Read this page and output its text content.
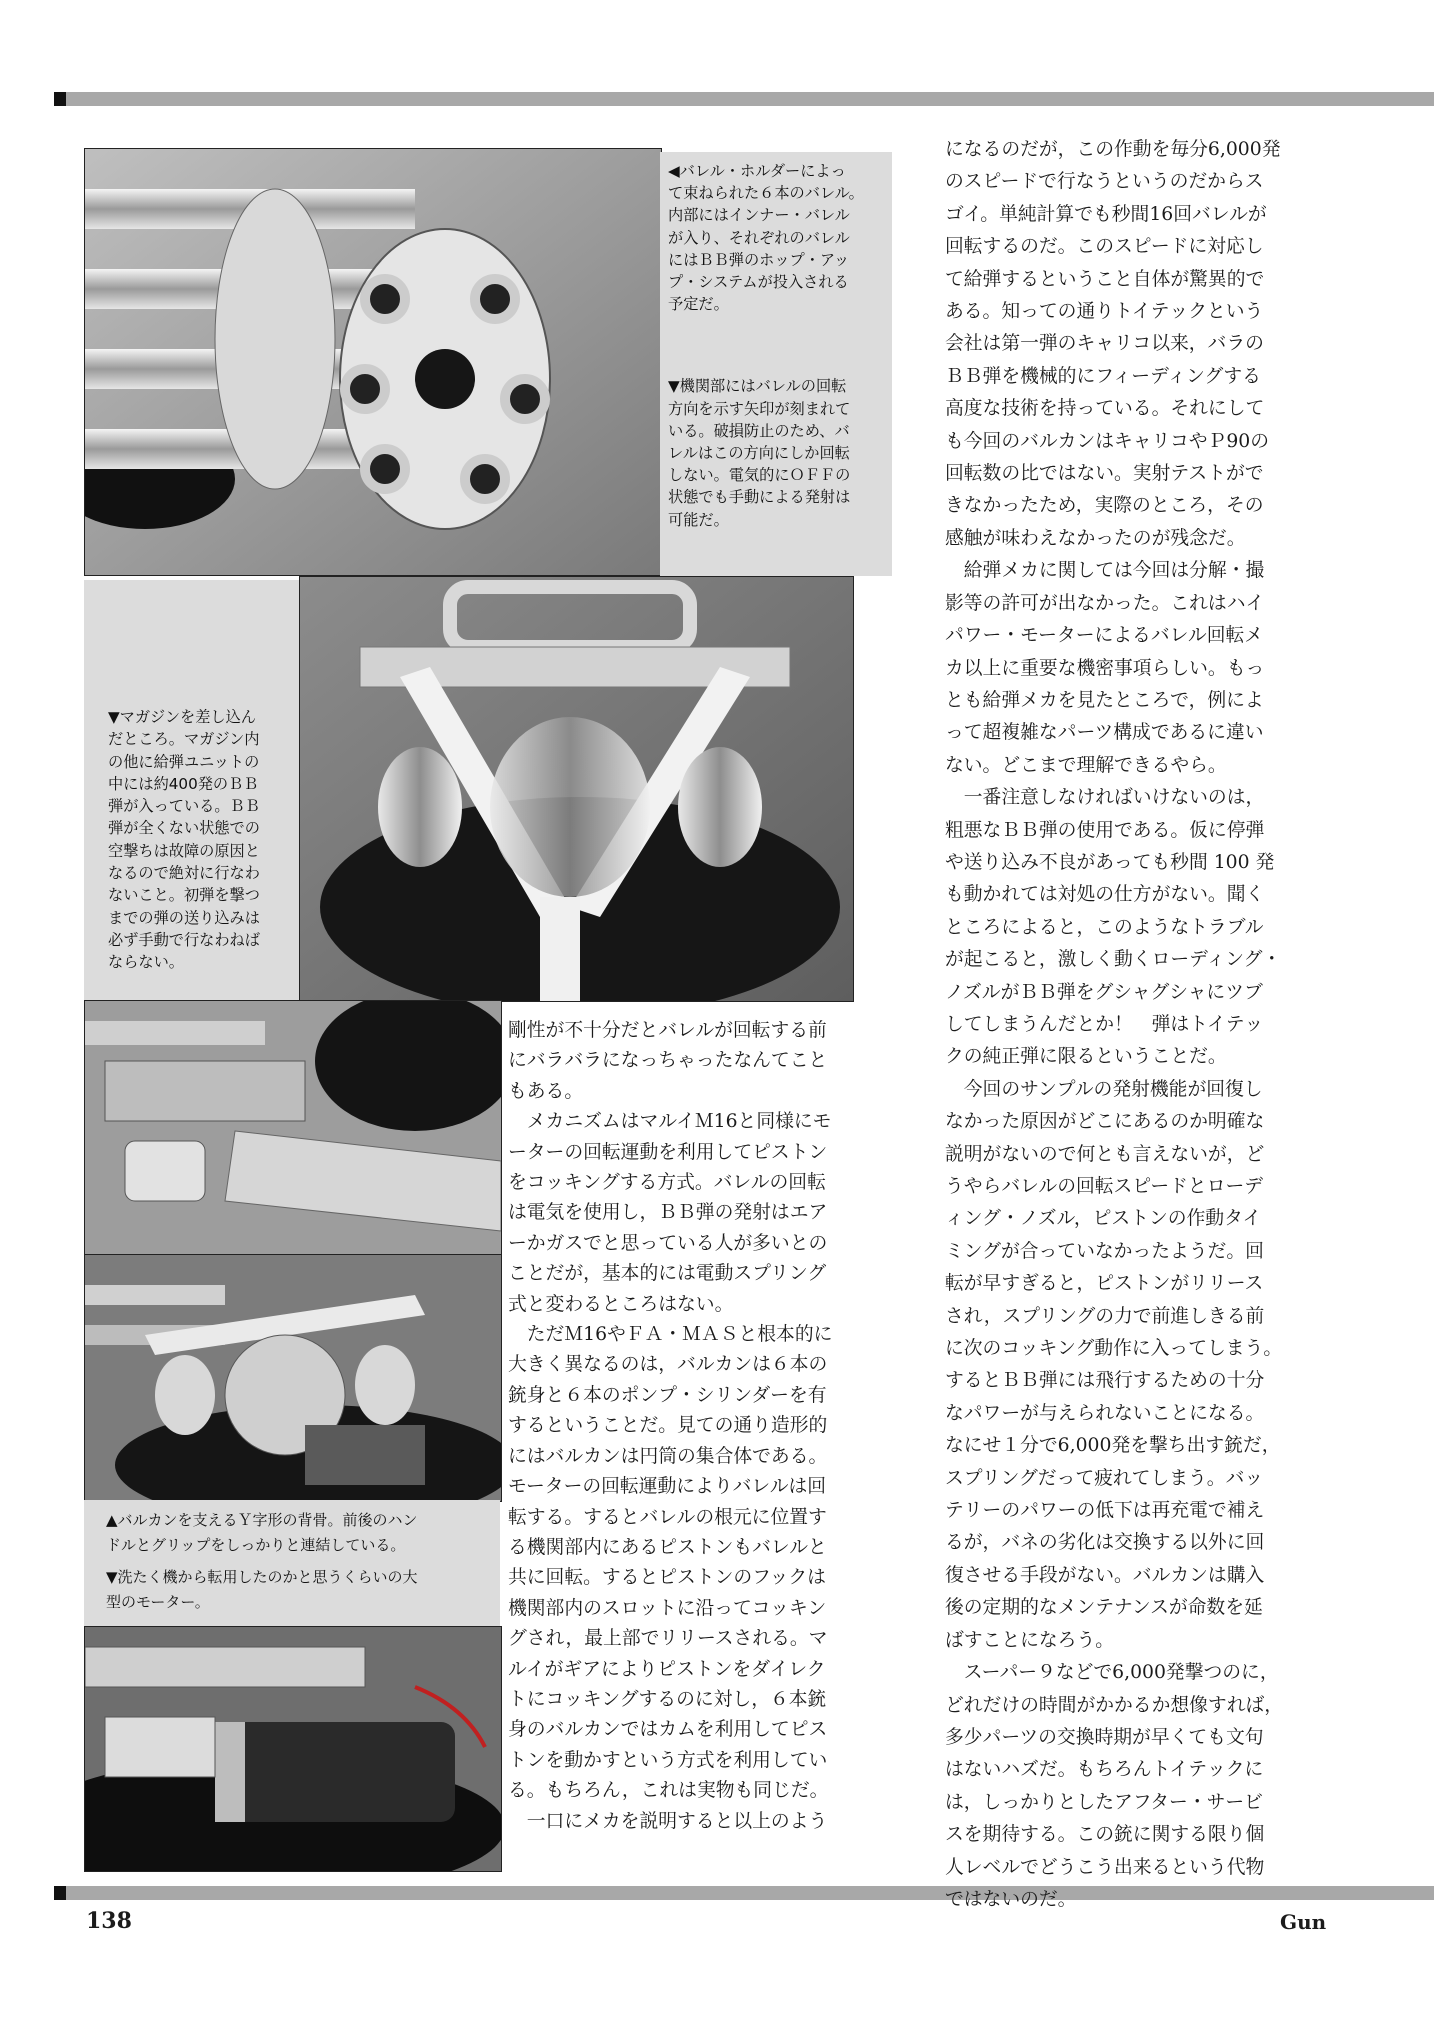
◀バレル・ホルダーによっ
て束ねられた６本のバレル。
内部にはインナー・バレル
が入り、それぞれのバレル
にはＢＢ弾のホップ・アッ
プ・システムが投入される
予定だ。
▼機関部にはバレルの回転
方向を示す矢印が刻まれて
いる。破損防止のため、バ
レルはこの方向にしか回転
しない。電気的にＯＦＦの
状態でも手動による発射は
可能だ。
▼マガジンを差し込ん
だところ。マガジン内
の他に給弾ユニットの
中には約400発のＢＢ
弾が入っている。ＢＢ
弾が全くない状態での
空撃ちは故障の原因と
なるので絶対に行なわ
ないこと。初弾を撃つ
までの弾の送り込みは
必ず手動で行なわねば
ならない。
▲バルカンを支えるＹ字形の背骨。前後のハン
ドルとグリップをしっかりと連結している。
▼洗たく機から転用したのかと思うくらいの大
型のモーター。
剛性が不十分だとバレルが回転する前
にバラバラになっちゃったなんてこと
もある。
　メカニズムはマルイＭ16と同様にモ
ーターの回転運動を利用してピストン
をコッキングする方式。バレルの回転
は電気を使用し，ＢＢ弾の発射はエア
ーかガスでと思っている人が多いとの
ことだが，基本的には電動スプリング
式と変わるところはない。
　ただＭ16やＦＡ・ＭＡＳと根本的に
大きく異なるのは，バルカンは６本の
銃身と６本のポンプ・シリンダーを有
するということだ。見ての通り造形的
にはバルカンは円筒の集合体である。
モーターの回転運動によりバレルは回
転する。するとバレルの根元に位置す
る機関部内にあるピストンもバレルと
共に回転。するとピストンのフックは
機関部内のスロットに沿ってコッキン
グされ，最上部でリリースされる。マ
ルイがギアによりピストンをダイレク
トにコッキングするのに対し，６本銃
身のバルカンではカムを利用してピス
トンを動かすという方式を利用してい
る。もちろん，これは実物も同じだ。
　一口にメカを説明すると以上のよう
になるのだが，この作動を毎分6,000発
のスピードで行なうというのだからス
ゴイ。単純計算でも秒間16回バレルが
回転するのだ。このスピードに対応し
て給弾するということ自体が驚異的で
ある。知っての通りトイテックという
会社は第一弾のキャリコ以来，バラの
ＢＢ弾を機械的にフィーディングする
高度な技術を持っている。それにして
も今回のバルカンはキャリコやＰ90の
回転数の比ではない。実射テストがで
きなかったため，実際のところ，その
感触が味わえなかったのが残念だ。
　給弾メカに関しては今回は分解・撮
影等の許可が出なかった。これはハイ
パワー・モーターによるバレル回転メ
カ以上に重要な機密事項らしい。もっ
とも給弾メカを見たところで，例によ
って超複雑なパーツ構成であるに違い
ない。どこまで理解できるやら。
　一番注意しなければいけないのは，
粗悪なＢＢ弾の使用である。仮に停弾
や送り込み不良があっても秒間 100 発
も動かれては対処の仕方がない。聞く
ところによると，このようなトラブル
が起こると，激しく動くローディング・
ノズルがＢＢ弾をグシャグシャにツブ
してしまうんだとか！　弾はトイテッ
クの純正弾に限るということだ。
　今回のサンプルの発射機能が回復し
なかった原因がどこにあるのか明確な
説明がないので何とも言えないが，ど
うやらバレルの回転スピードとローデ
ィング・ノズル，ピストンの作動タイ
ミングが合っていなかったようだ。回
転が早すぎると，ピストンがリリース
され，スプリングの力で前進しきる前
に次のコッキング動作に入ってしまう。
するとＢＢ弾には飛行するための十分
なパワーが与えられないことになる。
なにせ１分で6,000発を撃ち出す銃だ，
スプリングだって疲れてしまう。バッ
テリーのパワーの低下は再充電で補え
るが，バネの劣化は交換する以外に回
復させる手段がない。バルカンは購入
後の定期的なメンテナンスが命数を延
ばすことになろう。
　スーパー９などで6,000発撃つのに，
どれだけの時間がかかるか想像すれば，
多少パーツの交換時期が早くても文句
はないハズだ。もちろんトイテックに
は，しっかりとしたアフター・サービ
スを期待する。この銃に関する限り個
人レベルでどうこう出来るという代物
ではないのだ。
138	Gun
